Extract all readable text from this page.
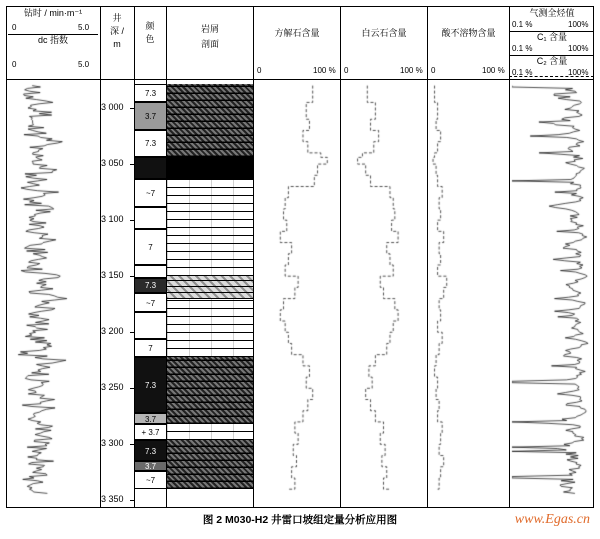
图 2 M030-H2 井雷口坡组定量分析应用图	www.Egas.cn
